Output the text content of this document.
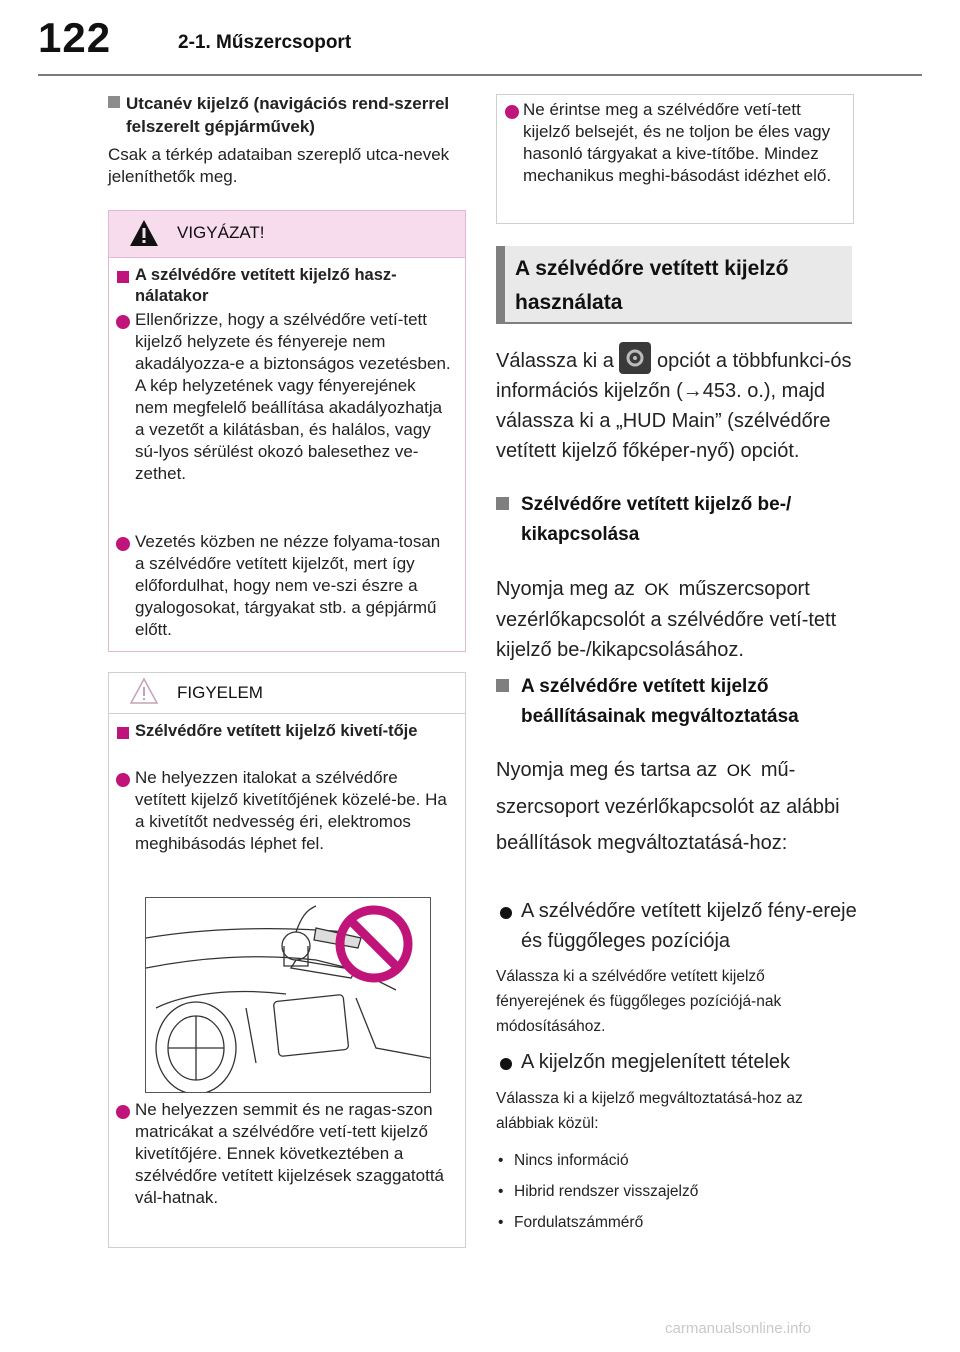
122	2-1. Műszercsoport
Utcanév kijelző (navigációs rend-szerrel felszerelt gépjárművek)
Csak a térkép adataiban szereplő utca-nevek jeleníthetők meg.
VIGYÁZAT!
A szélvédőre vetített kijelző hasz-nálatakor
Ellenőrizze, hogy a szélvédőre vetí-tett kijelző helyzete és fényereje nem akadályozza-e a biztonságos vezetésben. A kép helyzetének vagy fényerejének nem megfelelő beállítása akadályozhatja a vezetőt a kilátásban, és halálos, vagy sú-lyos sérülést okozó balesethez ve-zethet.
Vezetés közben ne nézze folyama-tosan a szélvédőre vetített kijelzőt, mert így előfordulhat, hogy nem ve-szi észre a gyalogosokat, tárgyakat stb. a gépjármű előtt.
FIGYELEM
Szélvédőre vetített kijelző kivetí-tője
Ne helyezzen italokat a szélvédőre vetített kijelző kivetítőjének közelé-be. Ha a kivetítőt nedvesség éri, elektromos meghibásodás léphet fel.
Ne helyezzen semmit és ne ragas-szon matricákat a szélvédőre vetí-tett kijelző kivetítőjére. Ennek következtében a szélvédőre vetített kijelzések szaggatottá vál-hatnak.
Ne érintse meg a szélvédőre vetí-tett kijelző belsejét, és ne toljon be éles vagy hasonló tárgyakat a kive-títőbe. Mindez mechanikus meghi-básodást idézhet elő.
A szélvédőre vetített kijelző használata
Válassza ki a opciót a többfunkci-ós információs kijelzőn (→453. o.), majd válassza ki a „HUD Main” (szélvédőre vetített kijelző főképer-nyő) opciót.
Szélvédőre vetített kijelző be-/ kikapcsolása
Nyomja meg az OK műszercsoport vezérlőkapcsolót a szélvédőre vetí-tett kijelző be-/kikapcsolásához.
A szélvédőre vetített kijelző beállításainak megváltoztatása
Nyomja meg és tartsa az OK mű-szercsoport vezérlőkapcsolót az alábbi beállítások megváltoztatásá-hoz:
A szélvédőre vetített kijelző fény-ereje és függőleges pozíciója
Válassza ki a szélvédőre vetített kijelző fényerejének és függőleges pozíciójá-nak módosításához.
A kijelzőn megjelenített tételek
Válassza ki a kijelző megváltoztatásá-hoz az alábbiak közül:
• Nincs információ
• Hibrid rendszer visszajelző
• Fordulatszámmérő
carmanualsonline.info
